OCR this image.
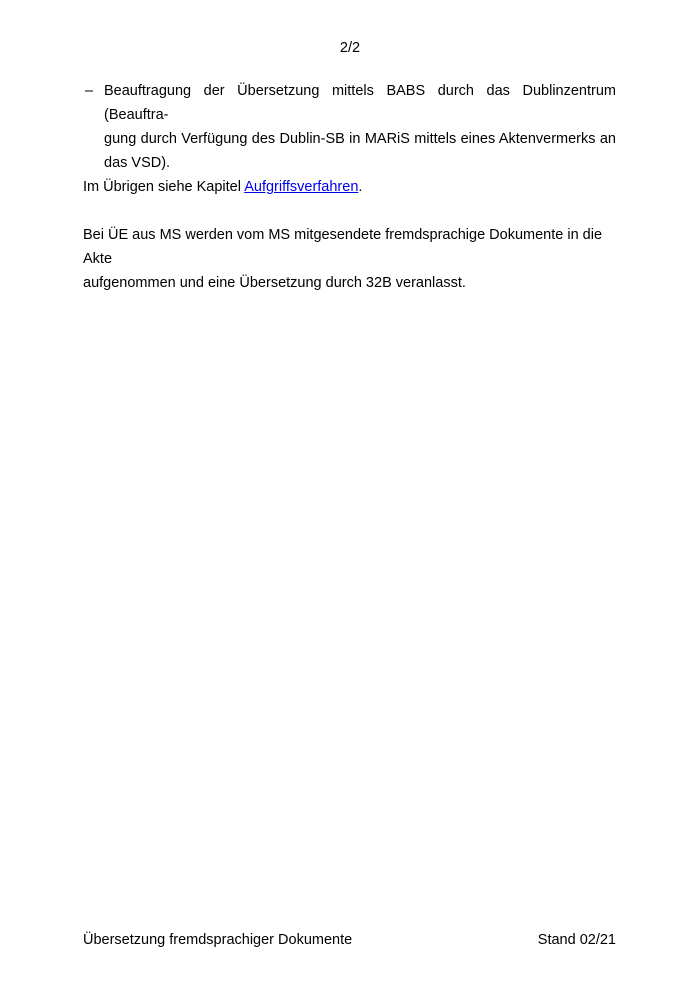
2/2
– Beauftragung der Übersetzung mittels BABS durch das Dublinzentrum (Beauftra-
gung durch Verfügung des Dublin-SB in MARiS mittels eines Aktenvermerks an
das VSD).

Im Übrigen siehe Kapitel Aufgriffsverfahren.

Bei ÜE aus MS werden vom MS mitgesendete fremdsprachige Dokumente in die Akte
aufgenommen und eine Übersetzung durch 32B veranlasst.
Übersetzung fremdsprachiger Dokumente	Stand 02/21
